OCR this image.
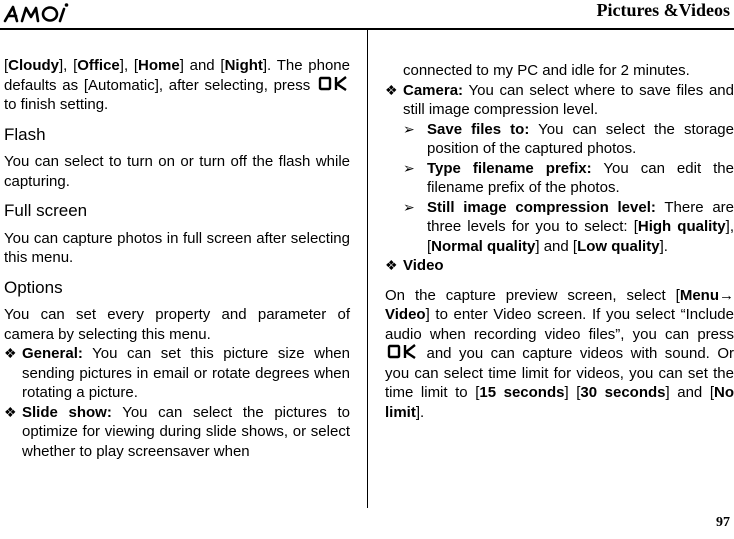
Pictures &Videos

[Cloudy], [Office], [Home] and [Night]. The phone defaults as [Automatic], after selecting, press  to finish setting.

Flash

You can select to turn on or turn off the flash while capturing.

Full screen

You can capture photos in full screen after selecting this menu.

Options

You can set every property and parameter of camera by selecting this menu.

❖ General: You can set this picture size when sending pictures in email or rotate degrees when rotating a picture.

❖ Slide show: You can select the pictures to optimize for viewing during slide shows, or select whether to play screensaver when

connected to my PC and idle for 2 minutes.

❖ Camera: You can select where to save files and still image compression level.

➢ Save files to: You can select the storage position of the captured photos.

➢ Type filename prefix: You can edit the filename prefix of the photos.

➢ Still image compression level: There are three levels for you to select: [High quality], [Normal quality] and [Low quality].

❖ Video

On the capture preview screen, select [Menu→ Video] to enter Video screen. If you select “Include audio when recording video files”, you can press and you can capture videos with sound. Or you can select time limit for videos, you can set the time limit to [15 seconds] [30 seconds] and [No limit].

97
